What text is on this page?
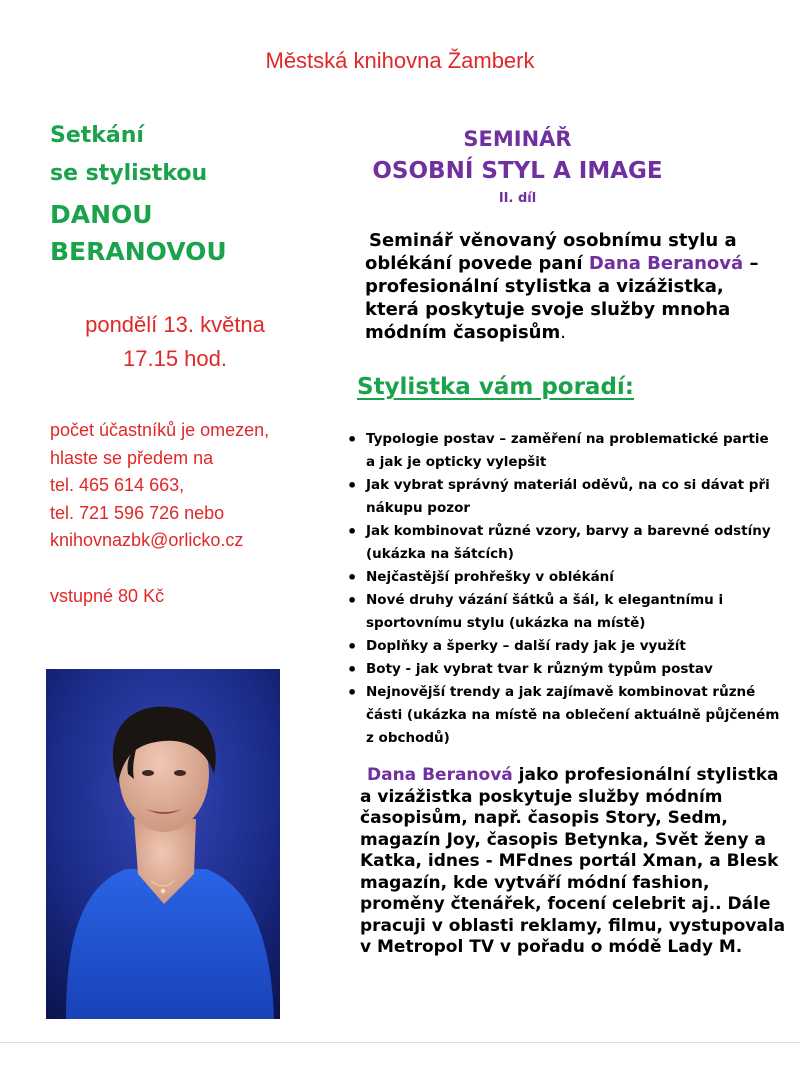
Městská knihovna Žamberk
Setkání
se stylistkou
DANOU
BERANOVOU
pondělí 13. května
17.15 hod.
počet účastníků je omezen,
hlaste se předem na
tel. 465 614 663,
tel. 721 596 726 nebo
knihovnazbk@orlicko.cz
vstupné 80 Kč
SEMINÁŘ
OSOBNÍ STYL A IMAGE
II. díl
Seminář věnovaný osobnímu stylu a
oblékání povede paní Dana Beranová –
profesionální stylistka a vizážistka,
která poskytuje svoje služby mnoha
módním časopisům.
Stylistka vám poradí:
• Typologie postav – zaměření na problematické partie
a jak je opticky vylepšit
• Jak vybrat správný materiál oděvů, na co si dávat při
nákupu pozor
• Jak kombinovat různé vzory, barvy a barevné odstíny
(ukázka na šátcích)
• Nejčastější prohřešky v oblékání
• Nové druhy vázání šátků a šál, k elegantnímu i
sportovnímu stylu (ukázka na místě)
• Doplňky a šperky – další rady jak je využít
• Boty - jak vybrat tvar k různým typům postav
• Nejnovější trendy a jak zajímavě kombinovat různé
části (ukázka na místě na oblečení aktuálně půjčeném
z obchodů)
Dana Beranová jako profesionální stylistka
a vizážistka poskytuje služby módním
časopisům, např. časopis Story, Sedm,
magazín Joy, časopis Betynka, Svět ženy a
Katka, idnes - MFdnes portál Xman, a Blesk
magazín, kde vytváří módní fashion,
proměny čtenářek, focení celebrit aj.. Dále
pracuji v oblasti reklamy, filmu, vystupovala
v Metropol TV v pořadu o módě Lady M.
